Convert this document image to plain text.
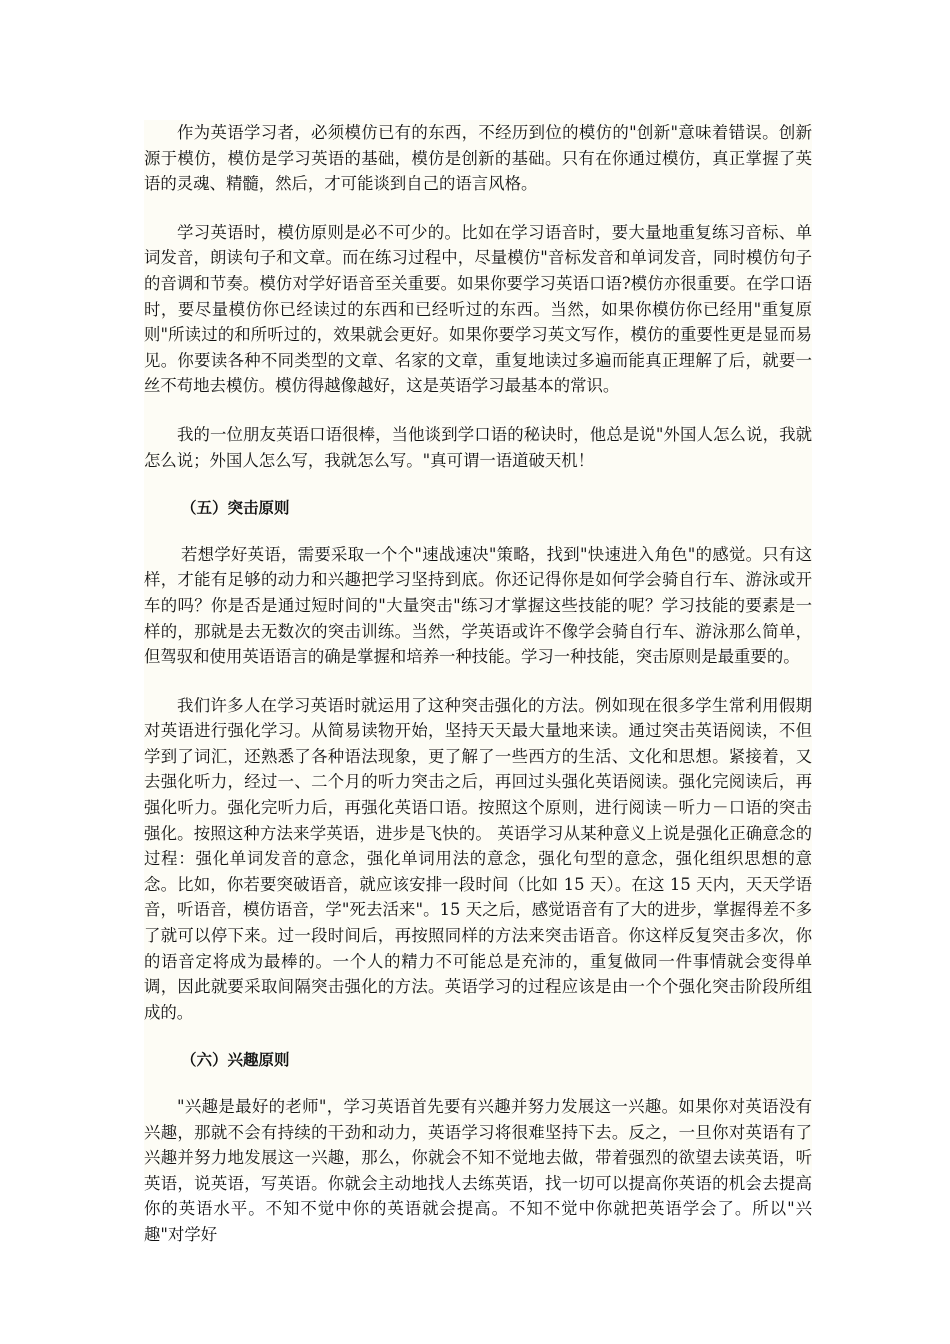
作为英语学习者，必须模仿已有的东西，不经历到位的模仿的"创新"意味着错误。创新源于模仿，模仿是学习英语的基础，模仿是创新的基础。只有在你通过模仿，真正掌握了英语的灵魂、精髓，然后，才可能谈到自己的语言风格。

学习英语时，模仿原则是必不可少的。比如在学习语音时，要大量地重复练习音标、单词发音，朗读句子和文章。而在练习过程中，尽量模仿"音标发音和单词发音，同时模仿句子的音调和节奏。模仿对学好语音至关重要。如果你要学习英语口语?模仿亦很重要。在学口语时，要尽量模仿你已经读过的东西和已经听过的东西。当然，如果你模仿你已经用"重复原则"所读过的和所听过的，效果就会更好。如果你要学习英文写作，模仿的重要性更是显而易见。你要读各种不同类型的文章、名家的文章，重复地读过多遍而能真正理解了后，就要一丝不苟地去模仿。模仿得越像越好，这是英语学习最基本的常识。

我的一位朋友英语口语很棒，当他谈到学口语的秘诀时，他总是说"外国人怎么说，我就怎么说；外国人怎么写，我就怎么写。"真可谓一语道破天机！

（五）突击原则

若想学好英语，需要采取一个个"速战速决"策略，找到"快速进入角色"的感觉。只有这样，才能有足够的动力和兴趣把学习坚持到底。你还记得你是如何学会骑自行车、游泳或开车的吗？你是否是通过短时间的"大量突击"练习才掌握这些技能的呢？学习技能的要素是一样的，那就是去无数次的突击训练。当然，学英语或许不像学会骑自行车、游泳那么简单，但驾驭和使用英语语言的确是掌握和培养一种技能。学习一种技能，突击原则是最重要的。

我们许多人在学习英语时就运用了这种突击强化的方法。例如现在很多学生常利用假期对英语进行强化学习。从简易读物开始，坚持天天最大量地来读。通过突击英语阅读，不但学到了词汇，还熟悉了各种语法现象，更了解了一些西方的生活、文化和思想。紧接着，又去强化听力，经过一、二个月的听力突击之后，再回过头强化英语阅读。强化完阅读后，再强化听力。强化完听力后，再强化英语口语。按照这个原则，进行阅读－听力－口语的突击强化。按照这种方法来学英语，进步是飞快的。 英语学习从某种意义上说是强化正确意念的过程：强化单词发音的意念，强化单词用法的意念，强化句型的意念，强化组织思想的意念。比如，你若要突破语音，就应该安排一段时间（比如 15 天）。在这 15 天内，天天学语音，听语音，模仿语音，学"死去活来"。15 天之后，感觉语音有了大的进步，掌握得差不多了就可以停下来。过一段时间后，再按照同样的方法来突击语音。你这样反复突击多次，你的语音定将成为最棒的。一个人的精力不可能总是充沛的，重复做同一件事情就会变得单调，因此就要采取间隔突击强化的方法。英语学习的过程应该是由一个个强化突击阶段所组成的。

（六）兴趣原则

"兴趣是最好的老师"，学习英语首先要有兴趣并努力发展这一兴趣。如果你对英语没有兴趣，那就不会有持续的干劲和动力，英语学习将很难坚持下去。反之，一旦你对英语有了兴趣并努力地发展这一兴趣，那么，你就会不知不觉地去做，带着强烈的欲望去读英语，听英语，说英语，写英语。你就会主动地找人去练英语，找一切可以提高你英语的机会去提高你的英语水平。不知不觉中你的英语就会提高。不知不觉中你就把英语学会了。所以"兴趣"对学好
